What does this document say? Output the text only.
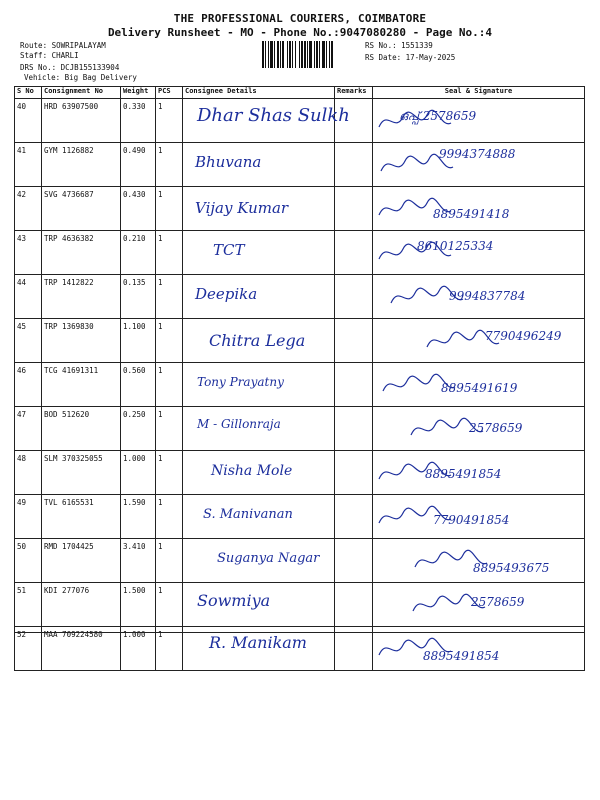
THE PROFESSIONAL COURIERS, COIMBATORE
Delivery Runsheet - MO - Phone No.:9047080280 - Page No.:4
Route: SOWRIPALAYAM
Staff: CHARLI
DRS No.: DCJB155133904
Vehicle: Big Bag Delivery
RS No.: 1551339
RS Date: 17-May-2025
S No	Consignment No	Weight	PCS	Consignee Details	Remarks	Seal & Signature
40	HRD 63907500	0.330	1	Dhar Shas Sulkh		ഒപ്പ് 2578659

41	GYM 1126882	0.490	1	Bhuvana		9994374888

42	SVG 4736687	0.430	1	Vijay Kumar		8895491418

43	TRP 4636382	0.210	1	TCT		8610125334

44	TRP 1412822	0.135	1	Deepika		9994837784

45	TRP 1369830	1.100	1	Chitra Lega		7790496249

46	TCG 41691311	0.560	1	Tony Prayatny		8895491619

47	BOD 512620	0.250	1	M - Gillonraja		2578659

48	SLM 370325055	1.000	1	Nisha Mole		8895491854

49	TVL 6165531	1.590	1	S. Manivanan		7790491854

50	RMD 1704425	3.410	1	Suganya Nagar		8895493675

51	KDI 277076	1.500	1	Sowmiya		2578659

52	MAA 709224580	1.000	1	R. Manikam		8895491854
